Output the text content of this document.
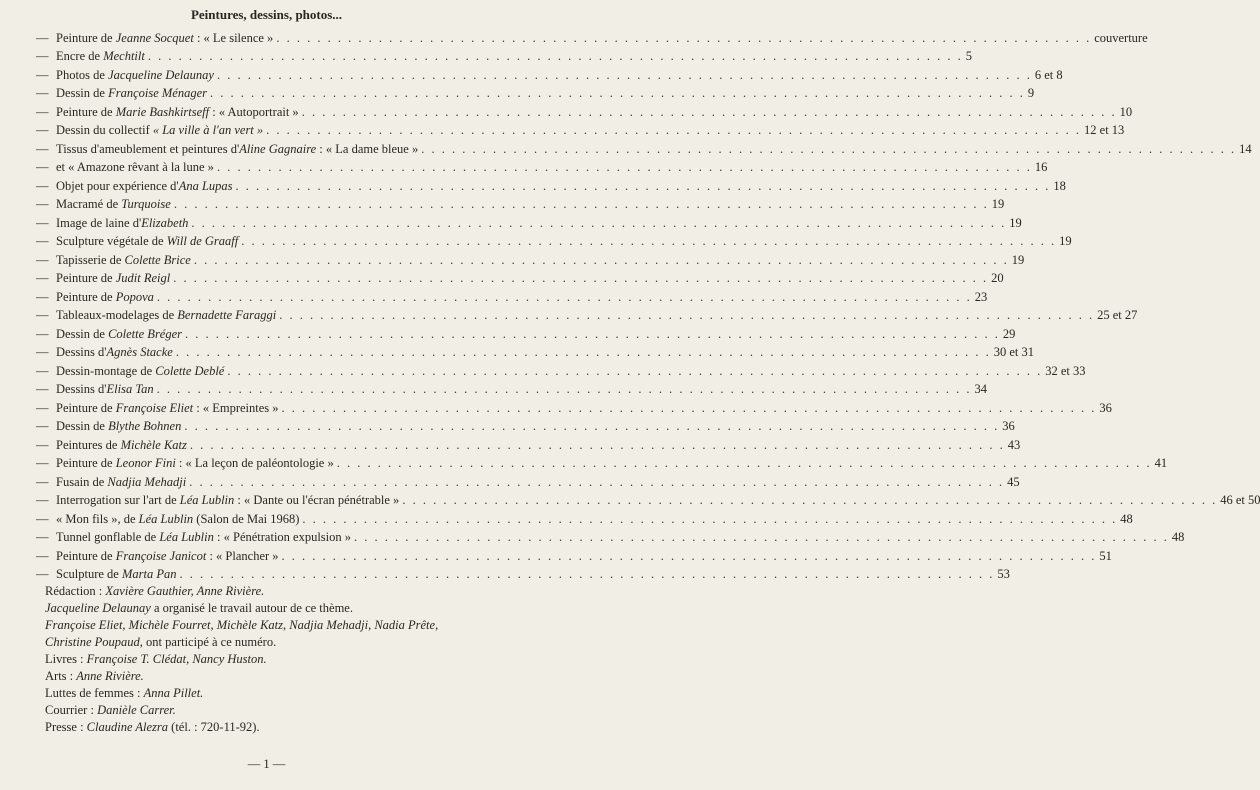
Peintures, dessins, photos...
— Peinture de Jeanne Socquet : « Le silence » . . . . . . . . . . . . . . . . . . . . . . . . . . . . . . . . . . . . . . . . . . . . . . . . . . . . . . . . . . . . . . . . . . . . . . . . . . . . . . . . couverture
— Encre de Mechtilt . . . . . . . . . . . . . . . . . . . . . . . . . . . . . . . . . . . . . . . . . . . . . . . . . . . . . . . . . . . . . . . . . . . . . . . . . . . . . . . . 5
— Photos de Jacqueline Delaunay . . . . . . . . . . . . . . . . . . . . . . . . . . . . . . . . . . . . . . . . . . . . . . . . . . . . . . . . . . . . . . . . . . . . . . . . . . . . . . . . 6 et 8
— Dessin de Françoise Ménager . . . . . . . . . . . . . . . . . . . . . . . . . . . . . . . . . . . . . . . . . . . . . . . . . . . . . . . . . . . . . . . . . . . . . . . . . . . . . . . . 9
— Peinture de Marie Bashkirtseff : « Autoportrait » . . . . . . . . . . . . . . . . . . . . . . . . . . . . . . . . . . . . . . . . . . . . . . . . . . . . . . . . . . . . . . . . . . . . . . . . . . . . . . . . 10
— Dessin du collectif « La ville à l'an vert » . . . . . . . . . . . . . . . . . . . . . . . . . . . . . . . . . . . . . . . . . . . . . . . . . . . . . . . . . . . . . . . . . . . . . . . . . . . . . . . . 12 et 13
— Tissus d'ameublement et peintures d'Aline Gagnaire : « La dame bleue » . . . . . . . . . . . . . . . . . . . . . . . . . . . . . . . . . . . . . . . . . . . . . . . . . . . . . . . . . . . . . . . . . . . . . . . . . . . . . . . . 14
— et « Amazone rêvant à la lune » . . . . . . . . . . . . . . . . . . . . . . . . . . . . . . . . . . . . . . . . . . . . . . . . . . . . . . . . . . . . . . . . . . . . . . . . . . . . . . . . 16
— Objet pour expérience d'Ana Lupas . . . . . . . . . . . . . . . . . . . . . . . . . . . . . . . . . . . . . . . . . . . . . . . . . . . . . . . . . . . . . . . . . . . . . . . . . . . . . . . . 18
— Macramé de Turquoise . . . . . . . . . . . . . . . . . . . . . . . . . . . . . . . . . . . . . . . . . . . . . . . . . . . . . . . . . . . . . . . . . . . . . . . . . . . . . . . . 19
— Image de laine d'Elizabeth . . . . . . . . . . . . . . . . . . . . . . . . . . . . . . . . . . . . . . . . . . . . . . . . . . . . . . . . . . . . . . . . . . . . . . . . . . . . . . . . 19
— Sculpture végétale de Will de Graaff . . . . . . . . . . . . . . . . . . . . . . . . . . . . . . . . . . . . . . . . . . . . . . . . . . . . . . . . . . . . . . . . . . . . . . . . . . . . . . . . 19
— Tapisserie de Colette Brice . . . . . . . . . . . . . . . . . . . . . . . . . . . . . . . . . . . . . . . . . . . . . . . . . . . . . . . . . . . . . . . . . . . . . . . . . . . . . . . . 19
— Peinture de Judit Reigl . . . . . . . . . . . . . . . . . . . . . . . . . . . . . . . . . . . . . . . . . . . . . . . . . . . . . . . . . . . . . . . . . . . . . . . . . . . . . . . . 20
— Peinture de Popova . . . . . . . . . . . . . . . . . . . . . . . . . . . . . . . . . . . . . . . . . . . . . . . . . . . . . . . . . . . . . . . . . . . . . . . . . . . . . . . . 23
— Tableaux-modelages de Bernadette Faraggi . . . . . . . . . . . . . . . . . . . . . . . . . . . . . . . . . . . . . . . . . . . . . . . . . . . . . . . . . . . . . . . . . . . . . . . . . . . . . . . . 25 et 27
— Dessin de Colette Bréger . . . . . . . . . . . . . . . . . . . . . . . . . . . . . . . . . . . . . . . . . . . . . . . . . . . . . . . . . . . . . . . . . . . . . . . . . . . . . . . . 29
— Dessins d'Agnès Stacke . . . . . . . . . . . . . . . . . . . . . . . . . . . . . . . . . . . . . . . . . . . . . . . . . . . . . . . . . . . . . . . . . . . . . . . . . . . . . . . . 30 et 31
— Dessin-montage de Colette Deblé . . . . . . . . . . . . . . . . . . . . . . . . . . . . . . . . . . . . . . . . . . . . . . . . . . . . . . . . . . . . . . . . . . . . . . . . . . . . . . . . 32 et 33
— Dessins d'Elisa Tan . . . . . . . . . . . . . . . . . . . . . . . . . . . . . . . . . . . . . . . . . . . . . . . . . . . . . . . . . . . . . . . . . . . . . . . . . . . . . . . . 34
— Peinture de Françoise Eliet : « Empreintes » . . . . . . . . . . . . . . . . . . . . . . . . . . . . . . . . . . . . . . . . . . . . . . . . . . . . . . . . . . . . . . . . . . . . . . . . . . . . . . . . 36
— Dessin de Blythe Bohnen . . . . . . . . . . . . . . . . . . . . . . . . . . . . . . . . . . . . . . . . . . . . . . . . . . . . . . . . . . . . . . . . . . . . . . . . . . . . . . . . 36
— Peintures de Michèle Katz . . . . . . . . . . . . . . . . . . . . . . . . . . . . . . . . . . . . . . . . . . . . . . . . . . . . . . . . . . . . . . . . . . . . . . . . . . . . . . . . 43
— Peinture de Leonor Fini : « La leçon de paléontologie » . . . . . . . . . . . . . . . . . . . . . . . . . . . . . . . . . . . . . . . . . . . . . . . . . . . . . . . . . . . . . . . . . . . . . . . . . . . . . . . . 41
— Fusain de Nadjia Mehadji . . . . . . . . . . . . . . . . . . . . . . . . . . . . . . . . . . . . . . . . . . . . . . . . . . . . . . . . . . . . . . . . . . . . . . . . . . . . . . . . 45
— Interrogation sur l'art de Léa Lublin : « Dante ou l'écran pénétrable » . . . . . . . . . . . . . . . . . . . . . . . . . . . . . . . . . . . . . . . . . . . . . . . . . . . . . . . . . . . . . . . . . . . . . . . . . . . . . . . . 46 et 50
— « Mon fils », de Léa Lublin (Salon de Mai 1968) . . . . . . . . . . . . . . . . . . . . . . . . . . . . . . . . . . . . . . . . . . . . . . . . . . . . . . . . . . . . . . . . . . . . . . . . . . . . . . . . 48
— Tunnel gonflable de Léa Lublin : « Pénétration expulsion » . . . . . . . . . . . . . . . . . . . . . . . . . . . . . . . . . . . . . . . . . . . . . . . . . . . . . . . . . . . . . . . . . . . . . . . . . . . . . . . . 48
— Peinture de Françoise Janicot : « Plancher » . . . . . . . . . . . . . . . . . . . . . . . . . . . . . . . . . . . . . . . . . . . . . . . . . . . . . . . . . . . . . . . . . . . . . . . . . . . . . . . . 51
— Sculpture de Marta Pan . . . . . . . . . . . . . . . . . . . . . . . . . . . . . . . . . . . . . . . . . . . . . . . . . . . . . . . . . . . . . . . . . . . . . . . . . . . . . . . . 53
Rédaction : Xavière Gauthier, Anne Rivière.
Jacqueline Delaunay a organisé le travail autour de ce thème.
Françoise Eliet, Michèle Fourret, Michèle Katz, Nadjia Mehadji, Nadia Prête,
Christine Poupaud, ont participé à ce numéro.
Livres : Françoise T. Clédat, Nancy Huston.
Arts : Anne Rivière.
Luttes de femmes : Anna Pillet.
Courrier : Danièle Carrer.
Presse : Claudine Alezra (tél. : 720-11-92).
— 1 —
